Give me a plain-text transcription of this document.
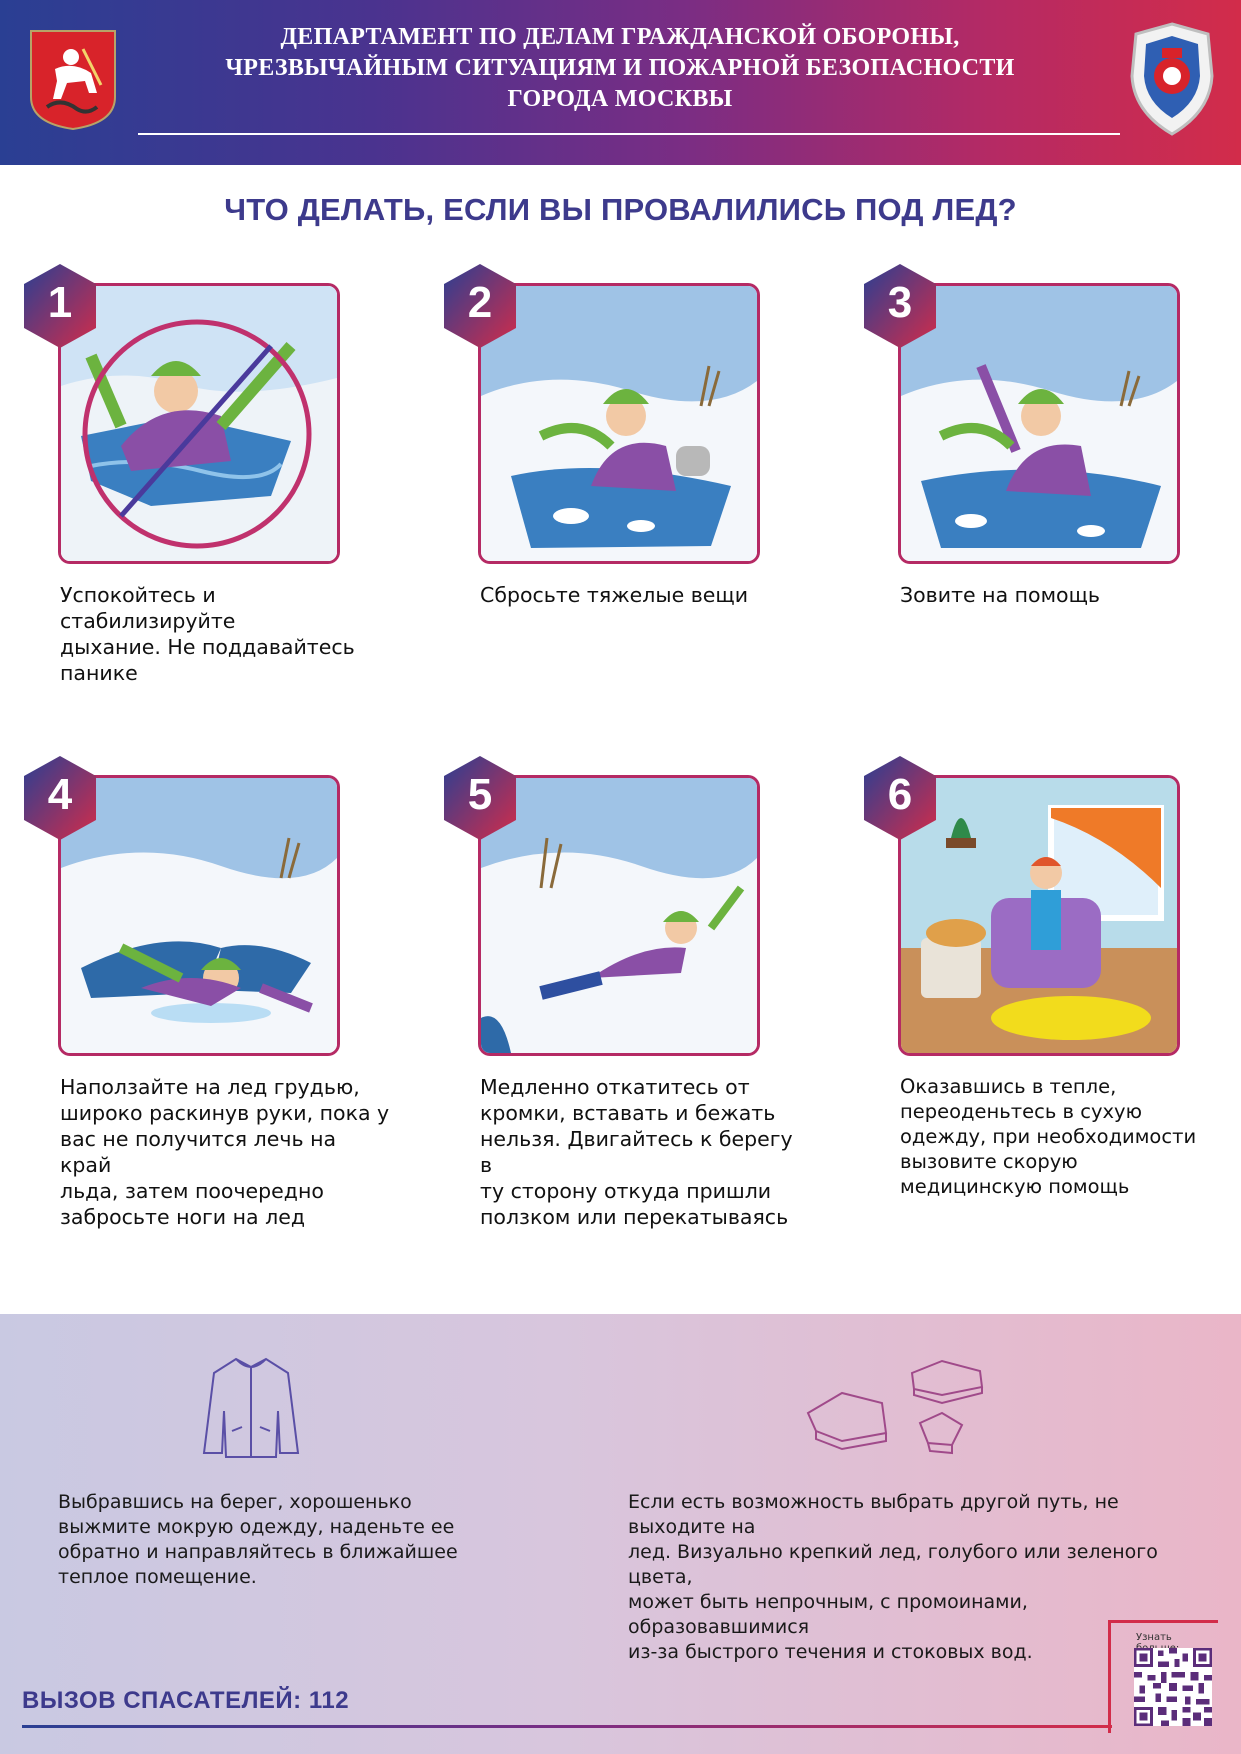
ДЕПАРТАМЕНТ ПО ДЕЛАМ ГРАЖДАНСКОЙ ОБОРОНЫ,
ЧРЕЗВЫЧАЙНЫМ СИТУАЦИЯМ И ПОЖАРНОЙ БЕЗОПАСНОСТИ
ГОРОДА МОСКВЫ
ЧТО ДЕЛАТЬ, ЕСЛИ ВЫ ПРОВАЛИЛИСЬ ПОД ЛЕД?
1
Успокойтесь и стабилизируйте
дыхание. Не поддавайтесь панике
2
Сбросьте тяжелые вещи
3
Зовите на помощь
4
Наползайте на лед грудью,
широко раскинув руки, пока у
вас не получится лечь на край
льда, затем поочередно
забросьте ноги на лед
5
Медленно откатитесь от
кромки, вставать и бежать
нельзя. Двигайтесь к берегу в
ту сторону откуда пришли
ползком или перекатываясь
6
Оказавшись в тепле,
переоденьтесь в сухую
одежду, при необходимости
вызовите скорую
медицинскую помощь
Выбравшись на берег, хорошенько
выжмите мокрую одежду, наденьте ее
обратно и направляйтесь в ближайшее
теплое помещение.
Если есть возможность выбрать другой путь, не выходите на
лед. Визуально крепкий лед, голубого или зеленого цвета,
может быть непрочным, с промоинами, образовавшимися
из-за быстрого течения и стоковых вод.
ВЫЗОВ СПАСАТЕЛЕЙ: 112
Узнать
